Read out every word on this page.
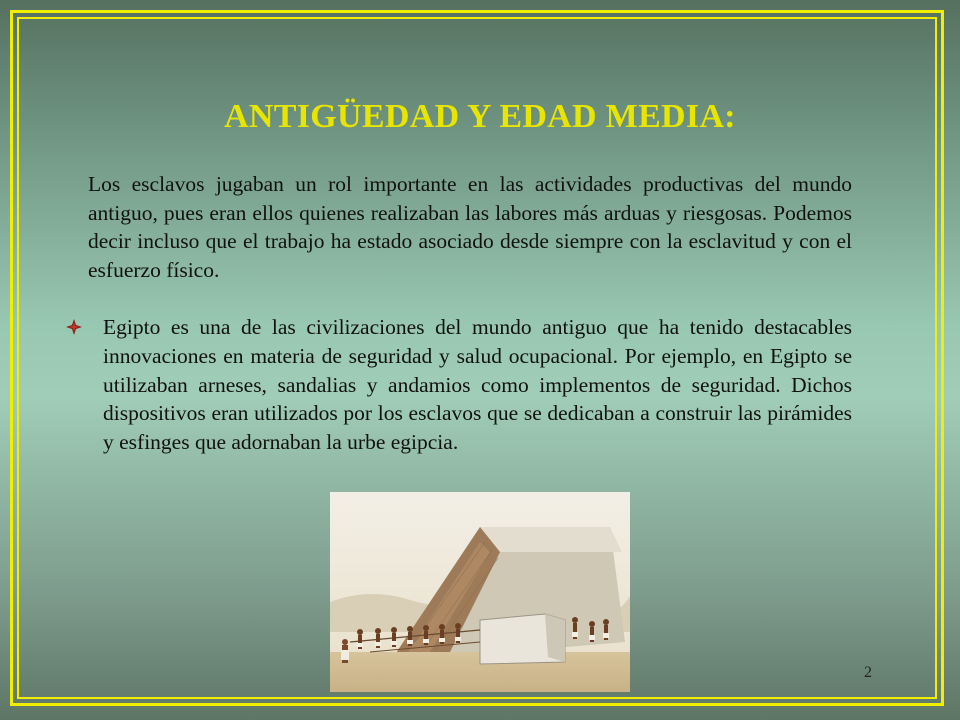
ANTIGÜEDAD Y EDAD MEDIA:

Los esclavos jugaban un rol importante en las actividades productivas del mundo antiguo, pues eran ellos quienes realizaban las labores más arduas y riesgosas. Podemos decir incluso que el trabajo ha estado asociado desde siempre con la esclavitud y con el esfuerzo físico.

Egipto es una de las civilizaciones del mundo antiguo que ha tenido destacables innovaciones en materia de seguridad y salud ocupacional. Por ejemplo, en Egipto se utilizaban arneses, sandalias y andamios como implementos de seguridad. Dichos dispositivos eran utilizados por los esclavos que se dedicaban a construir las pirámides y esfinges que adornaban la urbe egipcia.

2
